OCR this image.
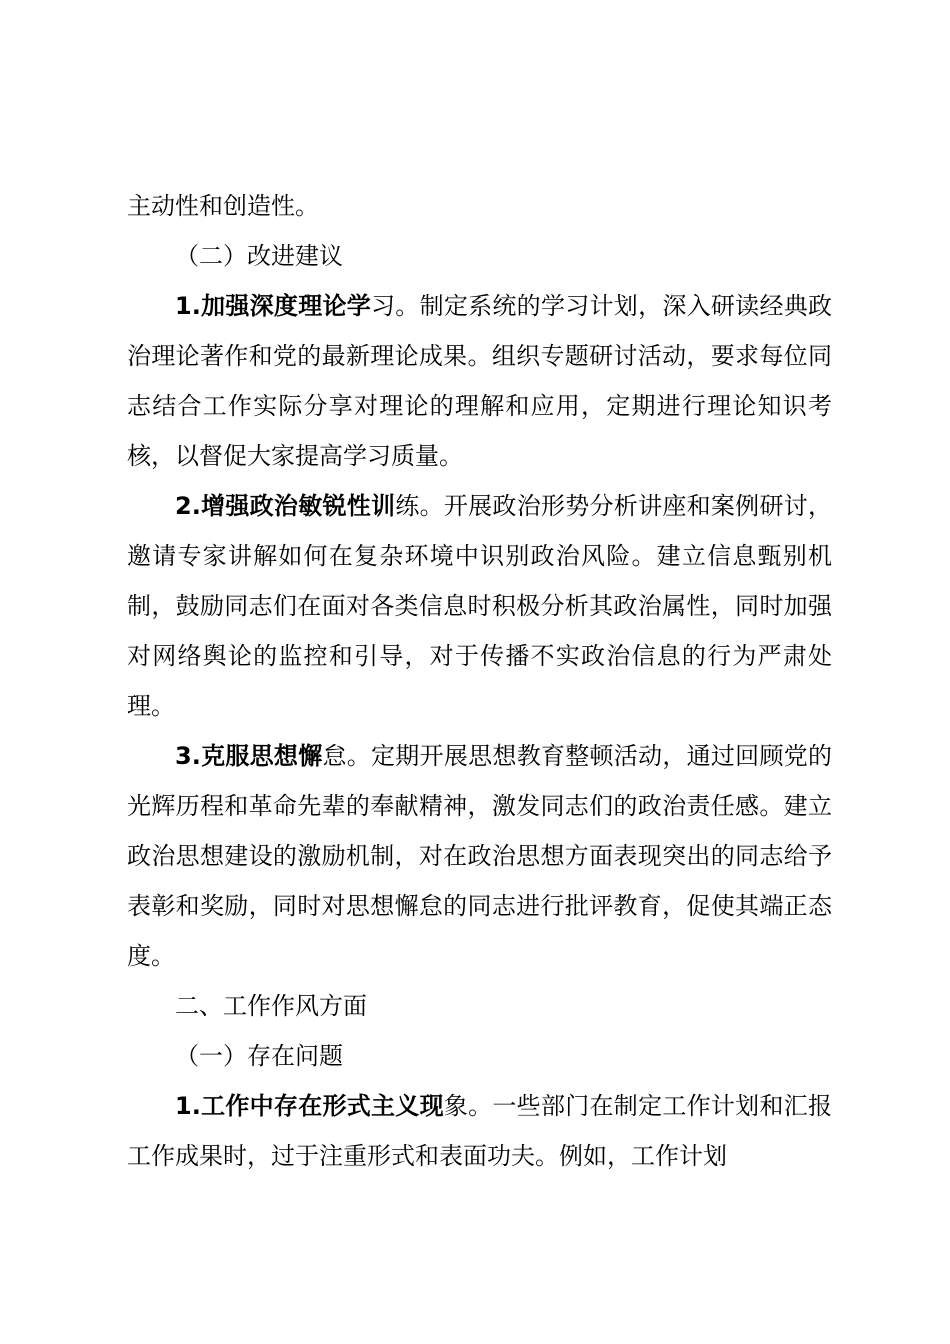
主动性和创造性。

（二）改进建议

1.加强深度理论学习。制定系统的学习计划，深入研读经典政治理论著作和党的最新理论成果。组织专题研讨活动，要求每位同志结合工作实际分享对理论的理解和应用，定期进行理论知识考核，以督促大家提高学习质量。

2.增强政治敏锐性训练。开展政治形势分析讲座和案例研讨，邀请专家讲解如何在复杂环境中识别政治风险。建立信息甄别机制，鼓励同志们在面对各类信息时积极分析其政治属性，同时加强对网络舆论的监控和引导，对于传播不实政治信息的行为严肃处理。

3.克服思想懈怠。定期开展思想教育整顿活动，通过回顾党的光辉历程和革命先辈的奉献精神，激发同志们的政治责任感。建立政治思想建设的激励机制，对在政治思想方面表现突出的同志给予表彰和奖励，同时对思想懈怠的同志进行批评教育，促使其端正态度。

二、工作作风方面

（一）存在问题

1.工作中存在形式主义现象。一些部门在制定工作计划和汇报工作成果时，过于注重形式和表面功夫。例如，工作计划
